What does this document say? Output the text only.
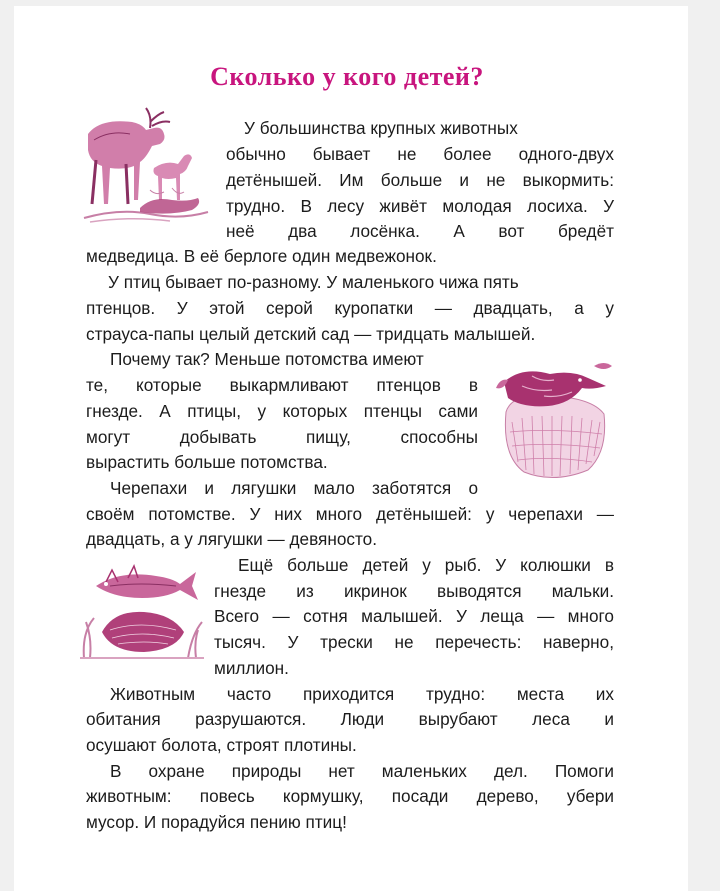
Сколько у кого детей?
У большинства крупных животных
обычно бывает не более одного-двух
детёнышей. Им больше и не выкормить:
трудно. В лесу живёт молодая лосиха. У
неё два лосёнка. А вот бредёт
медведица. В её берлоге один медвежонок.
У птиц бывает по-разному. У маленького чижа пять
птенцов. У этой серой куропатки — двадцать, а у
страуса-папы целый детский сад — тридцать малышей.
Почему так? Меньше потомства имеют
те, которые выкармливают птенцов в
гнезде. А птицы, у которых птенцы сами
могут добывать пищу, способны
вырастить больше потомства.
Черепахи и лягушки мало заботятся о
своём потомстве. У них много детёнышей: у черепахи —
двадцать, а у лягушки — девяносто.
Ещё больше детей у рыб. У колюшки в
гнезде из икринок выводятся мальки.
Всего — сотня малышей. У леща — много
тысяч. У трески не перечесть: наверно,
миллион.
Животным часто приходится трудно: места их
обитания разрушаются. Люди вырубают леса и
осушают болота, строят плотины.
В охране природы нет маленьких дел. Помоги
животным: повесь кормушку, посади дерево, убери
мусор. И порадуйся пению птиц!
